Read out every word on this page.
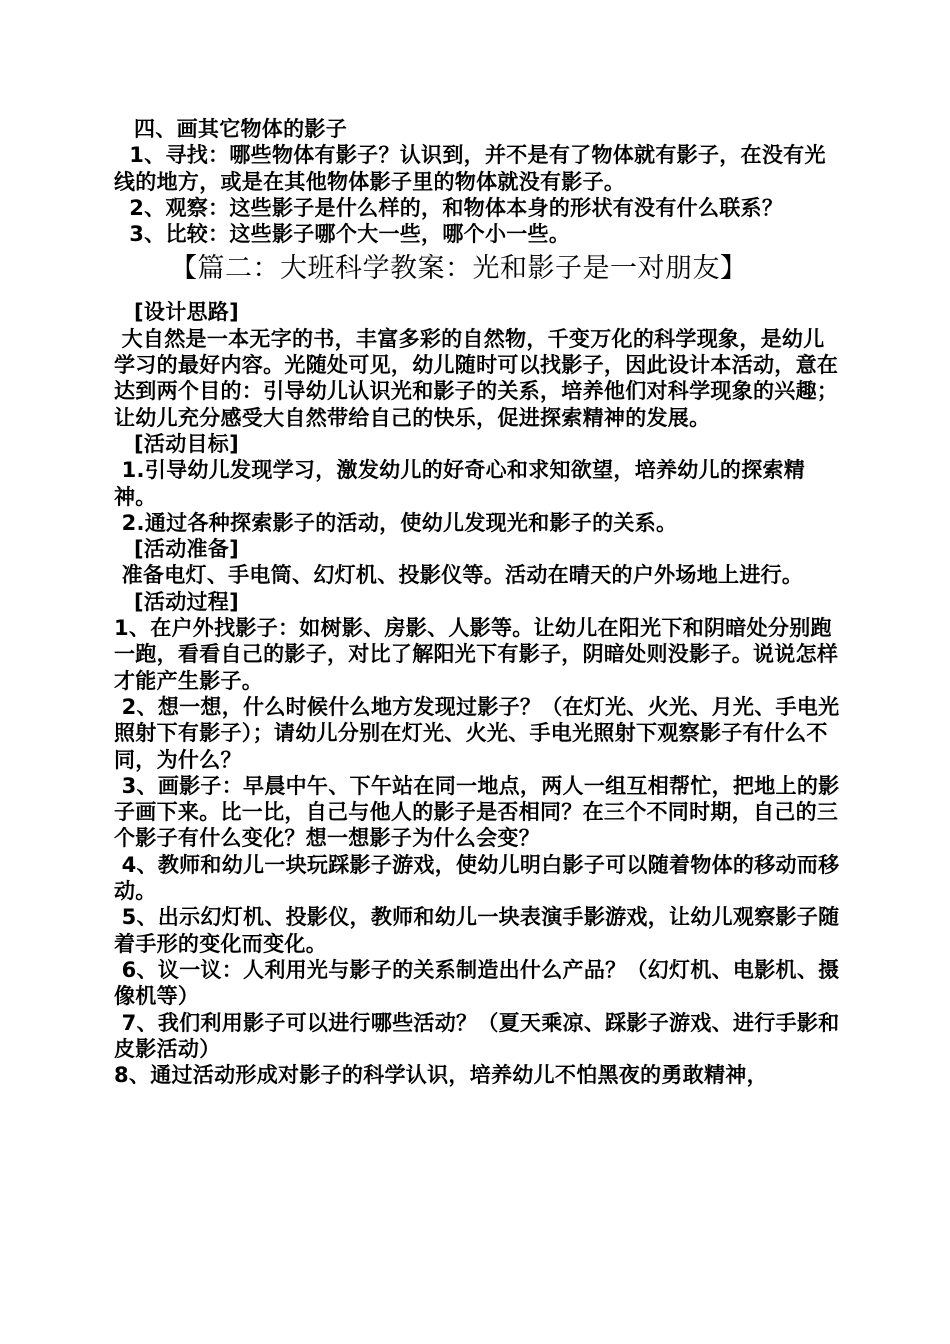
四、画其它物体的影子

1、寻找：哪些物体有影子？认识到，并不是有了物体就有影子，在没有光线的地方，或是在其他物体影子里的物体就没有影子。

2、观察：这些影子是什么样的，和物体本身的形状有没有什么联系？

3、比较：这些影子哪个大一些，哪个小一些。

【篇二：大班科学教案：光和影子是一对朋友】

[设计思路]

大自然是一本无字的书，丰富多彩的自然物，千变万化的科学现象，是幼儿学习的最好内容。光随处可见，幼儿随时可以找影子，因此设计本活动，意在达到两个目的：引导幼儿认识光和影子的关系，培养他们对科学现象的兴趣；让幼儿充分感受大自然带给自己的快乐，促进探索精神的发展。

[活动目标]

1.引导幼儿发现学习，激发幼儿的好奇心和求知欲望，培养幼儿的探索精神。

2.通过各种探索影子的活动，使幼儿发现光和影子的关系。

[活动准备]

准备电灯、手电筒、幻灯机、投影仪等。活动在晴天的户外场地上进行。

[活动过程]

1、在户外找影子：如树影、房影、人影等。让幼儿在阳光下和阴暗处分别跑一跑，看看自己的影子，对比了解阳光下有影子，阴暗处则没影子。说说怎样才能产生影子。

2、想一想，什么时候什么地方发现过影子？（在灯光、火光、月光、手电光照射下有影子）；请幼儿分别在灯光、火光、手电光照射下观察影子有什么不同，为什么？

3、画影子：早晨中午、下午站在同一地点，两人一组互相帮忙，把地上的影子画下来。比一比，自己与他人的影子是否相同？在三个不同时期，自己的三个影子有什么变化？想一想影子为什么会变？

4、教师和幼儿一块玩踩影子游戏，使幼儿明白影子可以随着物体的移动而移动。

5、出示幻灯机、投影仪，教师和幼儿一块表演手影游戏，让幼儿观察影子随着手形的变化而变化。

6、议一议：人利用光与影子的关系制造出什么产品？（幻灯机、电影机、摄像机等）

7、我们利用影子可以进行哪些活动？（夏天乘凉、踩影子游戏、进行手影和皮影活动）

8、通过活动形成对影子的科学认识，培养幼儿不怕黑夜的勇敢精神，
